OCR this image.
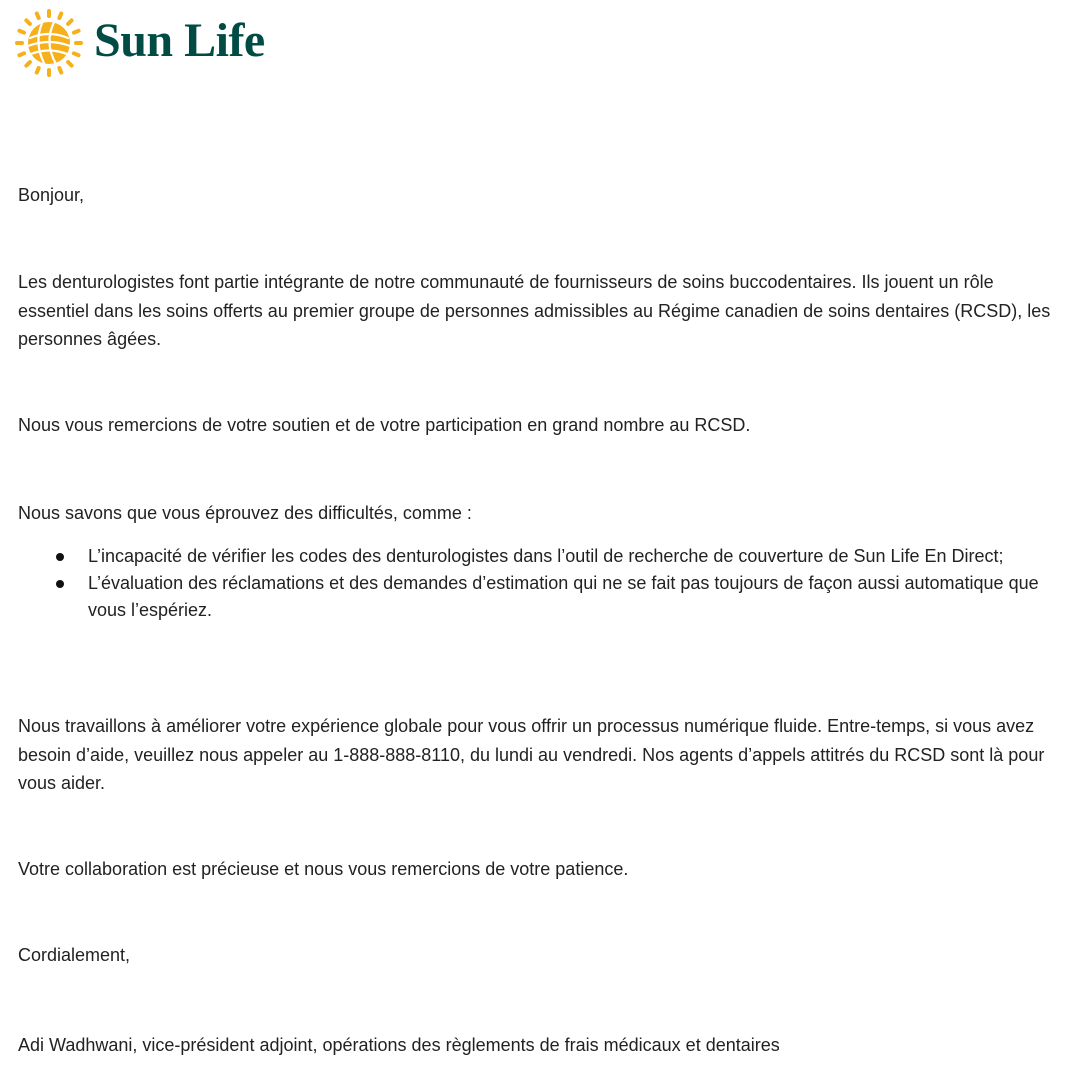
Sun Life

Bonjour,

Les denturologistes font partie intégrante de notre communauté de fournisseurs de soins buccodentaires. Ils jouent un rôle essentiel dans les soins offerts au premier groupe de personnes admissibles au Régime canadien de soins dentaires (RCSD), les personnes âgées.

Nous vous remercions de votre soutien et de votre participation en grand nombre au RCSD.

Nous savons que vous éprouvez des difficultés, comme :

L’incapacité de vérifier les codes des denturologistes dans l’outil de recherche de couverture de Sun Life En Direct;
L’évaluation des réclamations et des demandes d’estimation qui ne se fait pas toujours de façon aussi automatique que vous l’espériez.

Nous travaillons à améliorer votre expérience globale pour vous offrir un processus numérique fluide. Entre-temps, si vous avez besoin d’aide, veuillez nous appeler au 1-888-888-8110, du lundi au vendredi. Nos agents d’appels attitrés du RCSD sont là pour vous aider.

Votre collaboration est précieuse et nous vous remercions de votre patience.

Cordialement,

Adi Wadhwani, vice-président adjoint, opérations des règlements de frais médicaux et dentaires
